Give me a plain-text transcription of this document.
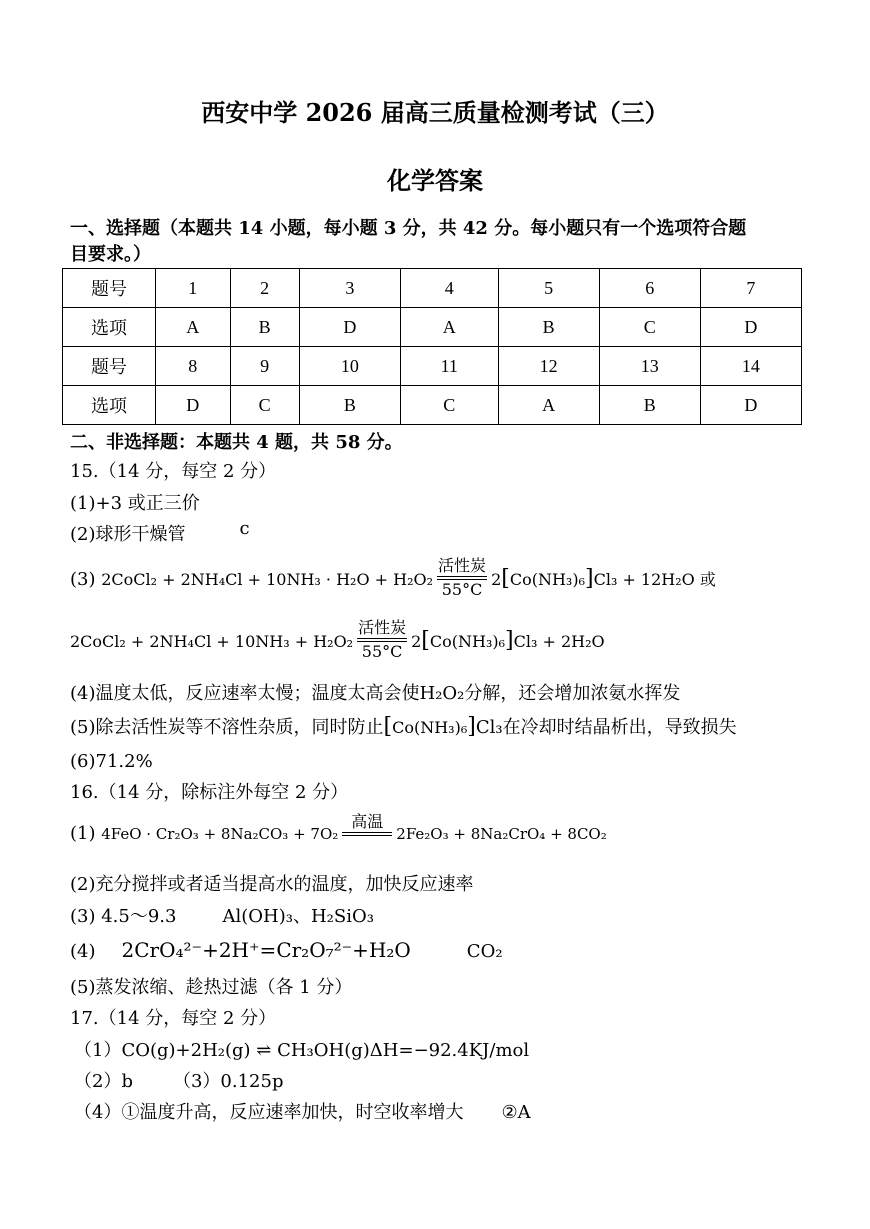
西安中学 2026 届高三质量检测考试（三）
化学答案
一、选择题（本题共 14 小题，每小题 3 分，共 42 分。每小题只有一个选项符合题
目要求。）
题号	1	2	3	4	5	6	7
选项	A	B	D	A	B	C	D
题号	8	9	10	11	12	13	14
选项	D	C	B	C	A	B	D
二、非选择题：本题共 4 题，共 58 分。
15.（14 分，每空 2 分）
(1)+3 或正三价
(2)球形干燥管	c
(3) 2CoCl₂ + 2NH₄Cl + 10NH₃ · H₂O + H₂O₂
活性炭
55°C
2[Co(NH₃)₆]Cl₃ + 12H₂O 或
2CoCl₂ + 2NH₄Cl + 10NH₃ + H₂O₂
活性炭
55°C
2[Co(NH₃)₆]Cl₃ + 2H₂O
(4)温度太低，反应速率太慢；温度太高会使H₂O₂分解，还会增加浓氨水挥发
(5)除去活性炭等不溶性杂质，同时防止[Co(NH₃)₆]Cl₃在冷却时结晶析出，导致损失
(6)71.2%
16.（14 分，除标注外每空 2 分）
(1) 4FeO · Cr₂O₃ + 8Na₂CO₃ + 7O₂
高温
2Fe₂O₃ + 8Na₂CrO₄ + 8CO₂
(2)充分搅拌或者适当提高水的温度，加快反应速率
(3) 4.5～9.3	Al(OH)₃、H₂SiO₃
(4) 2CrO₄²⁻+2H⁺=Cr₂O₇²⁻+H₂O	CO₂
(5)蒸发浓缩、趁热过滤（各 1 分）
17.（14 分，每空 2 分）
（1）CO(g)+2H₂(g) ⇌ CH₃OH(g)ΔH=−92.4KJ/mol
（2）b （3）0.125p
（4）①温度升高，反应速率加快，时空收率增大 ②A
